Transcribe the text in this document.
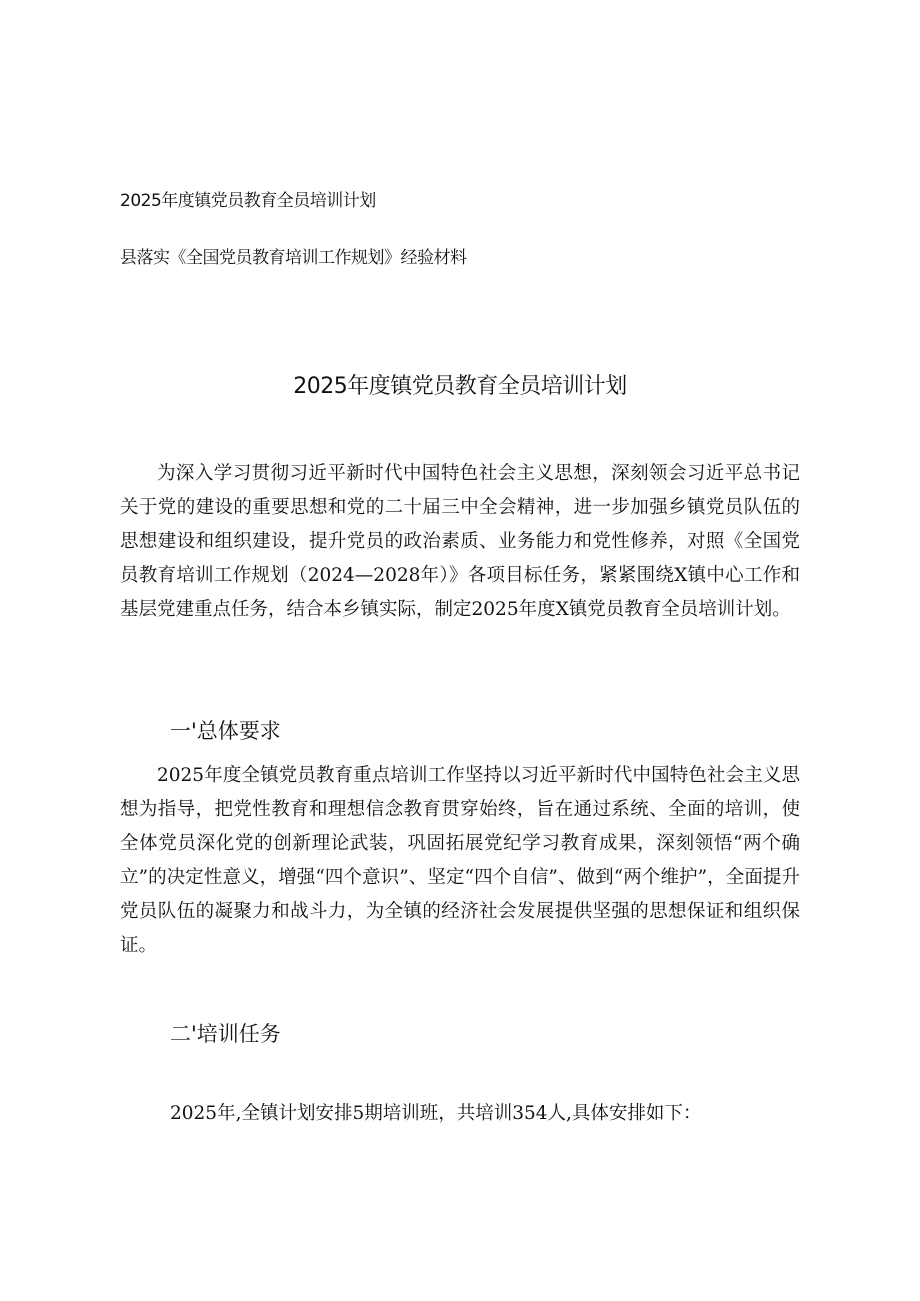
2025年度镇党员教育全员培训计划
县落实《全国党员教育培训工作规划》经验材料
2025年度镇党员教育全员培训计划

为深入学习贯彻习近平新时代中国特色社会主义思想，深刻领会习近平总书记关于党的建设的重要思想和党的二十届三中全会精神，进一步加强乡镇党员队伍的思想建设和组织建设，提升党员的政治素质、业务能力和党性修养，对照《全国党员教育培训工作规划（2024—2028年）》各项目标任务，紧紧围绕X镇中心工作和基层党建重点任务，结合本乡镇实际，制定2025年度X镇党员教育全员培训计划。

一'总体要求

2025年度全镇党员教育重点培训工作坚持以习近平新时代中国特色社会主义思想为指导，把党性教育和理想信念教育贯穿始终，旨在通过系统、全面的培训，使全体党员深化党的创新理论武装，巩固拓展党纪学习教育成果，深刻领悟“两个确立”的决定性意义，增强“四个意识”、坚定“四个自信”、做到“两个维护”，全面提升党员队伍的凝聚力和战斗力，为全镇的经济社会发展提供坚强的思想保证和组织保证。

二'培训任务
2025年,全镇计划安排5期培训班，共培训354人,具体安排如下：
